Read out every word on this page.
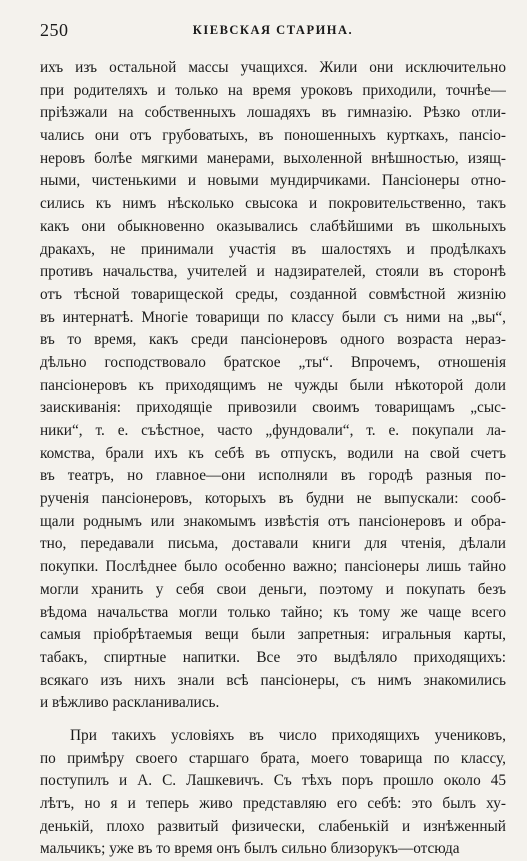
250	КІЕВСКАЯ СТАРИНА.
ихъ изъ остальной массы учащихся. Жили они исключительно
при родителяхъ и только на время уроковъ приходили, точнѣе—
пріѣзжали на собственныхъ лошадяхъ въ гимназію. Рѣзко отли-
чались они отъ грубоватыхъ, въ поношенныхъ курткахъ, пансіо-
неровъ болѣе мягкими манерами, выхоленной внѣшностью, изящ-
ными, чистенькими и новыми мундирчиками. Пансіонеры отно-
сились къ нимъ нѣсколько свысока и покровительственно, такъ
какъ они обыкновенно оказывались слабѣйшими въ школьныхъ
дракахъ, не принимали участія въ шалостяхъ и продѣлкахъ
противъ начальства, учителей и надзирателей, стояли въ сторонѣ
отъ тѣсной товарищеской среды, созданной совмѣстной жизнію
въ интернатѣ. Многіе товарищи по классу были съ ними на „вы“,
въ то время, какъ среди пансіонеровъ одного возраста нераз-
дѣльно господствовало братское „ты“. Впрочемъ, отношенія
пансіонеровъ къ приходящимъ не чужды были нѣкоторой доли
заискиванія: приходящіе привозили своимъ товарищамъ „сыс-
ники“, т. е. съѣстное, часто „фундовали“, т. е. покупали ла-
комства, брали ихъ къ себѣ въ отпускъ, водили на свой счетъ
въ театръ, но главное—они исполняли въ городѣ разныя по-
рученія пансіонеровъ, которыхъ въ будни не выпускали: сооб-
щали роднымъ или знакомымъ извѣстія отъ пансіонеровъ и обра-
тно, передавали письма, доставали книги для чтенія, дѣлали
покупки. Послѣднее было особенно важно; пансіонеры лишь тайно
могли хранить у себя свои деньги, поэтому и покупать безъ
вѣдома начальства могли только тайно; къ тому же чаще всего
самыя пріобрѣтаемыя вещи были запретныя: игральныя карты,
табакъ, спиртные напитки. Все это выдѣляло приходящихъ:
всякаго изъ нихъ знали всѣ пансіонеры, съ нимъ знакомились
и вѣжливо раскланивались.
При такихъ условіяхъ въ число приходящихъ учениковъ,
по примѣру своего старшаго брата, моего товарища по классу,
поступилъ и А. С. Лашкевичъ. Съ тѣхъ поръ прошло около 45
лѣтъ, но я и теперь живо представляю его себѣ: это былъ ху-
денькій, плохо развитый физически, слабенькій и изнѣженный
мальчикъ; уже въ то время онъ былъ сильно близорукъ—отсюда
